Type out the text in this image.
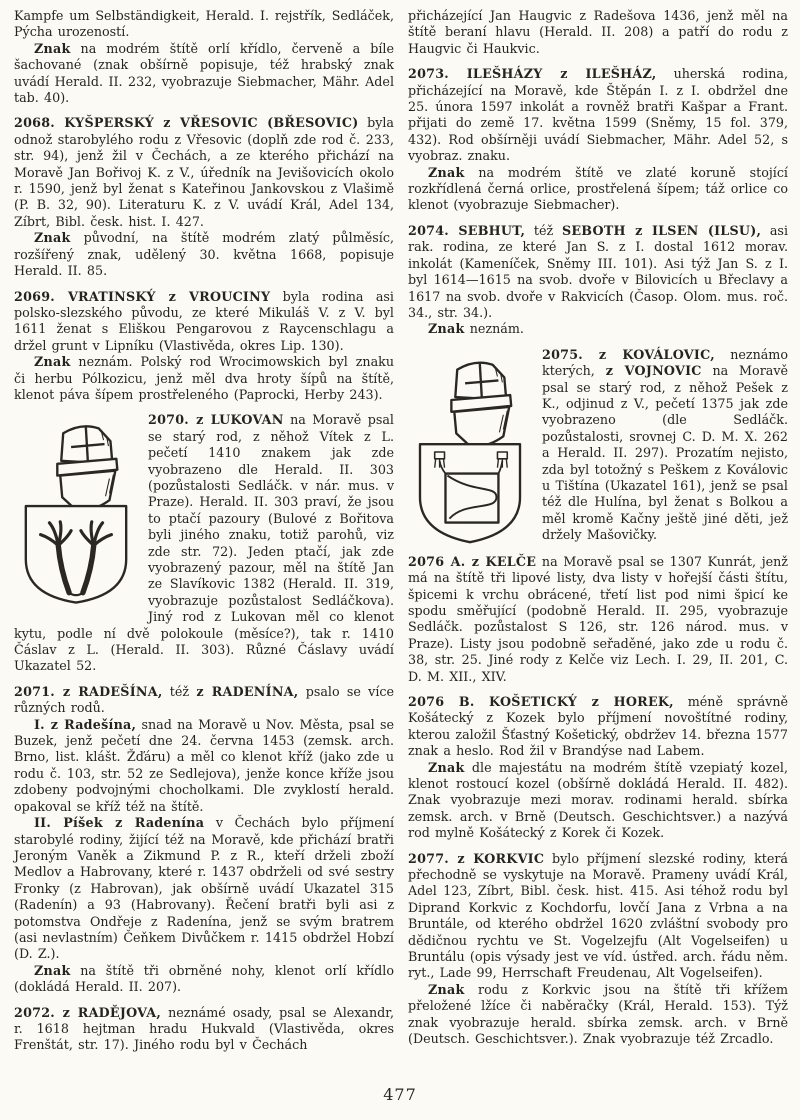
Kampfe um Selbständigkeit, Herald. I. rejstřík, Sedláček, Pýcha urozeností.

Znak na modrém štítě orlí křídlo, červeně a bíle šachované (znak obšírně popisuje, též hrabský znak uvádí Herald. II. 232, vyobrazuje Siebmacher, Mähr. Adel tab. 40).

2068. KYŠPERSKÝ z VŘESOVIC (BŘESOVIC) byla odnož starobylého rodu z Vřesovic (doplň zde rod č. 233, str. 94), jenž žil v Čechách, a ze kterého přichází na Moravě Jan Bořivoj K. z V., úředník na Jevišovicích okolo r. 1590, jenž byl ženat s Kateřinou Jankovskou z Vlašimě (P. B. 32, 90). Literaturu K. z V. uvádí Král, Adel 134, Zíbrt, Bibl. česk. hist. I. 427.

Znak původní, na štítě modrém zlatý půlměsíc, rozšířený znak, udělený 30. května 1668, popisuje Herald. II. 85.

2069. VRATINSKÝ z VROUCINY byla rodina asi polsko-slezského původu, ze které Mikuláš V. z V. byl 1611 ženat s Eliškou Pengarovou z Raycenschlagu a držel grunt v Lipníku (Vlastivěda, okres Lip. 130).

Znak neznám. Polský rod Wrocimowskich byl znaku či herbu Pólkozicu, jenž měl dva hroty šípů na štítě, klenot páva šípem prostřeleného (Paprocki, Herby 243).

2070. z LUKOVAN na Moravě psal se starý rod, z něhož Vítek z L. pečetí 1410 znakem jak zde vyobrazeno dle Herald. II. 303 (pozůstalosti Sedláčk. v nár. mus. v Praze). Herald. II. 303 praví, že jsou to ptačí pazoury (Bulové z Bořitova byli jiného znaku, totiž parohů, viz zde str. 72). Jeden ptačí, jak zde vyobrazený pazour, měl na štítě Jan ze Slavíkovic 1382 (Herald. II. 319, vyobrazuje pozůstalost Sedláčkova). Jiný rod z Lukovan měl co klenot kytu, podle ní dvě polokoule (měsíce?), tak r. 1410 Čáslav z L. (Herald. II. 303). Různé Čáslavy uvádí Ukazatel 52.

2071. z RADEŠÍNA, též z RADENÍNA, psalo se více různých rodů.

I. z Radešína, snad na Moravě u Nov. Města, psal se Buzek, jenž pečetí dne 24. června 1453 (zemsk. arch. Brno, list. klášt. Žďáru) a měl co klenot kříž (jako zde u rodu č. 103, str. 52 ze Sedlejova), jenže konce kříže jsou zdobeny podvojnými chocholkami. Dle zvyklostí herald. opakoval se kříž též na štítě.

II. Píšek z Radenína v Čechách bylo příjmení starobylé rodiny, žijící též na Moravě, kde přichází bratři Jeroným Vaněk a Zikmund P. z R., kteří drželi zboží Medlov a Habrovany, které r. 1437 obdrželi od své sestry Fronky (z Habrovan), jak obšírně uvádí Ukazatel 315 (Radenín) a 93 (Habrovany). Řečení bratři byli asi z potomstva Ondřeje z Radenína, jenž se svým bratrem (asi nevlastním) Čeňkem Divůčkem r. 1415 obdržel Hobzí (D. Z.).

Znak na štítě tři obrněné nohy, klenot orlí křídlo (dokládá Herald. II. 207).

2072. z RADĚJOVA, neznámé osady, psal se Alexandr, r. 1618 hejtman hradu Hukvald (Vlastivěda, okres Frenštát, str. 17). Jiného rodu byl v Čechách

přicházející Jan Haugvic z Radešova 1436, jenž měl na štítě beraní hlavu (Herald. II. 208) a patří do rodu z Haugvic či Haukvic.

2073. ILEŠHÁZY z ILEŠHÁZ, uherská rodina, přicházející na Moravě, kde Štěpán I. z I. obdržel dne 25. února 1597 inkolát a rovněž bratři Kašpar a Frant. přijati do země 17. května 1599 (Sněmy, 15 fol. 379, 432). Rod obšírněji uvádí Siebmacher, Mähr. Adel 52, s vyobraz. znaku.

Znak na modrém štítě ve zlaté koruně stojící rozkřídlená černá orlice, prostřelená šípem; táž orlice co klenot (vyobrazuje Siebmacher).

2074. SEBHUT, též SEBOTH z ILSEN (ILSU), asi rak. rodina, ze které Jan S. z I. dostal 1612 morav. inkolát (Kameníček, Sněmy III. 101). Asi týž Jan S. z I. byl 1614—1615 na svob. dvoře v Bilovicích u Břeclavy a 1617 na svob. dvoře v Rakvicích (Časop. Olom. mus. roč. 34., str. 34.).

Znak neznám.

2075. z KOVÁLOVIC, neznámo kterých, z VOJNOVIC na Moravě psal se starý rod, z něhož Pešek z K., odjinud z V., pečetí 1375 jak zde vyobrazeno (dle Sedláčk. pozůstalosti, srovnej C. D. M. X. 262 a Herald. II. 297). Prozatím nejisto, zda byl totožný s Peškem z Koválovic u Tištína (Ukazatel 161), jenž se psal též dle Hulína, byl ženat s Bolkou a měl kromě Kačny ještě jiné děti, jež držely Mašovičky.

2076 A. z KELČE na Moravě psal se 1307 Kunrát, jenž má na štítě tři lipové listy, dva listy v hořejší části štítu, špicemi k vrchu obrácené, třetí list pod nimi špicí ke spodu směřující (podobně Herald. II. 295, vyobrazuje Sedláčk. pozůstalost S 126, str. 126 národ. mus. v Praze). Listy jsou podobně seřaděné, jako zde u rodu č. 38, str. 25. Jiné rody z Kelče viz Lech. I. 29, II. 201, C. D. M. XII., XIV.

2076 B. KOŠETICKÝ z HOREK, méně správně Košátecký z Kozek bylo příjmení novoštítné rodiny, kterou založil Šťastný Košetický, obdržev 14. března 1577 znak a heslo. Rod žil v Brandýse nad Labem.

Znak dle majestátu na modrém štítě vzepiatý kozel, klenot rostoucí kozel (obšírně dokládá Herald. II. 482). Znak vyobrazuje mezi morav. rodinami herald. sbírka zemsk. arch. v Brně (Deutsch. Geschichtsver.) a nazývá rod mylně Košátecký z Korek či Kozek.

2077. z KORKVIC bylo příjmení slezské rodiny, která přechodně se vyskytuje na Moravě. Prameny uvádí Král, Adel 123, Zíbrt, Bibl. česk. hist. 415. Asi téhož rodu byl Diprand Korkvic z Kochdorfu, lovčí Jana z Vrbna a na Bruntále, od kterého obdržel 1620 zvláštní svobody pro dědičnou rychtu ve St. Vogelzejfu (Alt Vogelseifen) u Bruntálu (opis výsady jest ve víd. ústřed. arch. řádu něm. ryt., Lade 99, Herrschaft Freudenau, Alt Vogelseifen).

Znak rodu z Korkvic jsou na štítě tři křížem přeložené lžíce či naběračky (Král, Herald. 153). Týž znak vyobrazuje herald. sbírka zemsk. arch. v Brně (Deutsch. Geschichtsver.). Znak vyobrazuje též Zrcadlo.

477
